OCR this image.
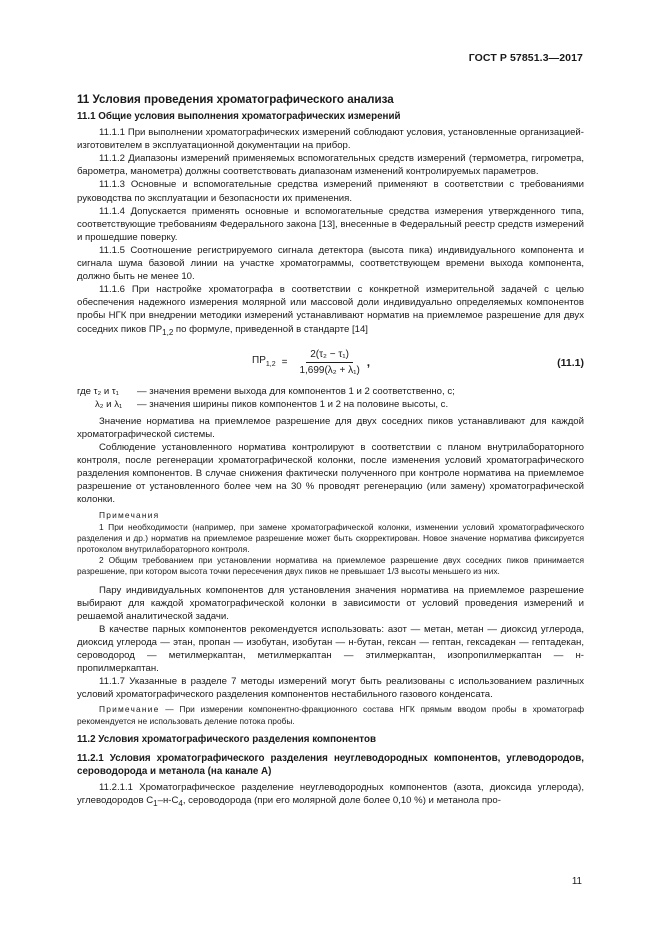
ГОСТ Р 57851.3—2017
11 Условия проведения хроматографического анализа
11.1 Общие условия выполнения хроматографических измерений

11.1.1 При выполнении хроматографических измерений соблюдают условия, установленные организацией-изготовителем в эксплуатационной документации на прибор.

11.1.2 Диапазоны измерений применяемых вспомогательных средств измерений (термометра, гигрометра, барометра, манометра) должны соответствовать диапазонам изменений контролируемых параметров.

11.1.3 Основные и вспомогательные средства измерений применяют в соответствии с требованиями руководства по эксплуатации и безопасности их применения.

11.1.4 Допускается применять основные и вспомогательные средства измерения утвержденного типа, соответствующие требованиям Федерального закона [13], внесенные в Федеральный реестр средств измерений и прошедшие поверку.

11.1.5 Соотношение регистрируемого сигнала детектора (высота пика) индивидуального компонента и сигнала шума базовой линии на участке хроматограммы, соответствующем времени выхода компонента, должно быть не менее 10.

11.1.6 При настройке хроматографа в соответствии с конкретной измерительной задачей с целью обеспечения надежного измерения молярной или массовой доли индивидуально определяемых компонентов пробы НГК при внедрении методики измерений устанавливают норматив на приемлемое разрешение для двух соседних пиков $ПР_{1,2}$ по формуле, приведенной в стандарте [14]

$ПР_{1,2} = \frac{\text{2(τ₂ − τ₁)}}{\text{1,699(λ₂ + λ₁)}}$ ,	(11.1)
где τ₂ и τ₁	— значения времени выхода для компонентов 1 и 2 соответственно, с;
λ₂ и λ₁	— значения ширины пиков компонентов 1 и 2 на половине высоты, с.

Значение норматива на приемлемое разрешение для двух соседних пиков устанавливают для каждой хроматографической системы.

Соблюдение установленного норматива контролируют в соответствии с планом внутрилабораторного контроля, после регенерации хроматографической колонки, после изменения условий хроматографического разделения компонентов. В случае снижения фактически полученного при контроле норматива на приемлемое разрешение от установленного более чем на 30 % проводят регенерацию (или замену) хроматографической колонки.

Примечания

1 При необходимости (например, при замене хроматографической колонки, изменении условий хроматографического разделения и др.) норматив на приемлемое разрешение может быть скорректирован. Новое значение норматива фиксируется протоколом внутрилабораторного контроля.

2 Общим требованием при установлении норматива на приемлемое разрешение двух соседних пиков принимается разрешение, при котором высота точки пересечения двух пиков не превышает 1/3 высоты меньшего из них.

Пару индивидуальных компонентов для установления значения норматива на приемлемое разрешение выбирают для каждой хроматографической колонки в зависимости от условий проведения измерений и решаемой аналитической задачи.

В качестве парных компонентов рекомендуется использовать: азот — метан, метан — диоксид углерода, диоксид углерода — этан, пропан — изобутан, изобутан — н-бутан, гексан — гептан, гексадекан — гептадекан, сероводород — метилмеркаптан, метилмеркаптан — этилмеркаптан, изопропилмеркаптан — н-пропилмеркаптан.

11.1.7 Указанные в разделе 7 методы измерений могут быть реализованы с использованием различных условий хроматографического разделения компонентов нестабильного газового конденсата.

Примечание — При измерении компонентно-фракционного состава НГК прямым вводом пробы в хроматограф рекомендуется не использовать деление потока пробы.

11.2 Условия хроматографического разделения компонентов
11.2.1 Условия хроматографического разделения неуглеводородных компонентов, углеводородов, сероводорода и метанола (на канале А)

11.2.1.1 Хроматографическое разделение неуглеводородных компонентов (азота, диоксида углерода), углеводородов $С_1-н-С_4$, сероводорода (при его молярной доле более 0,10 %) и метанола про-

11
